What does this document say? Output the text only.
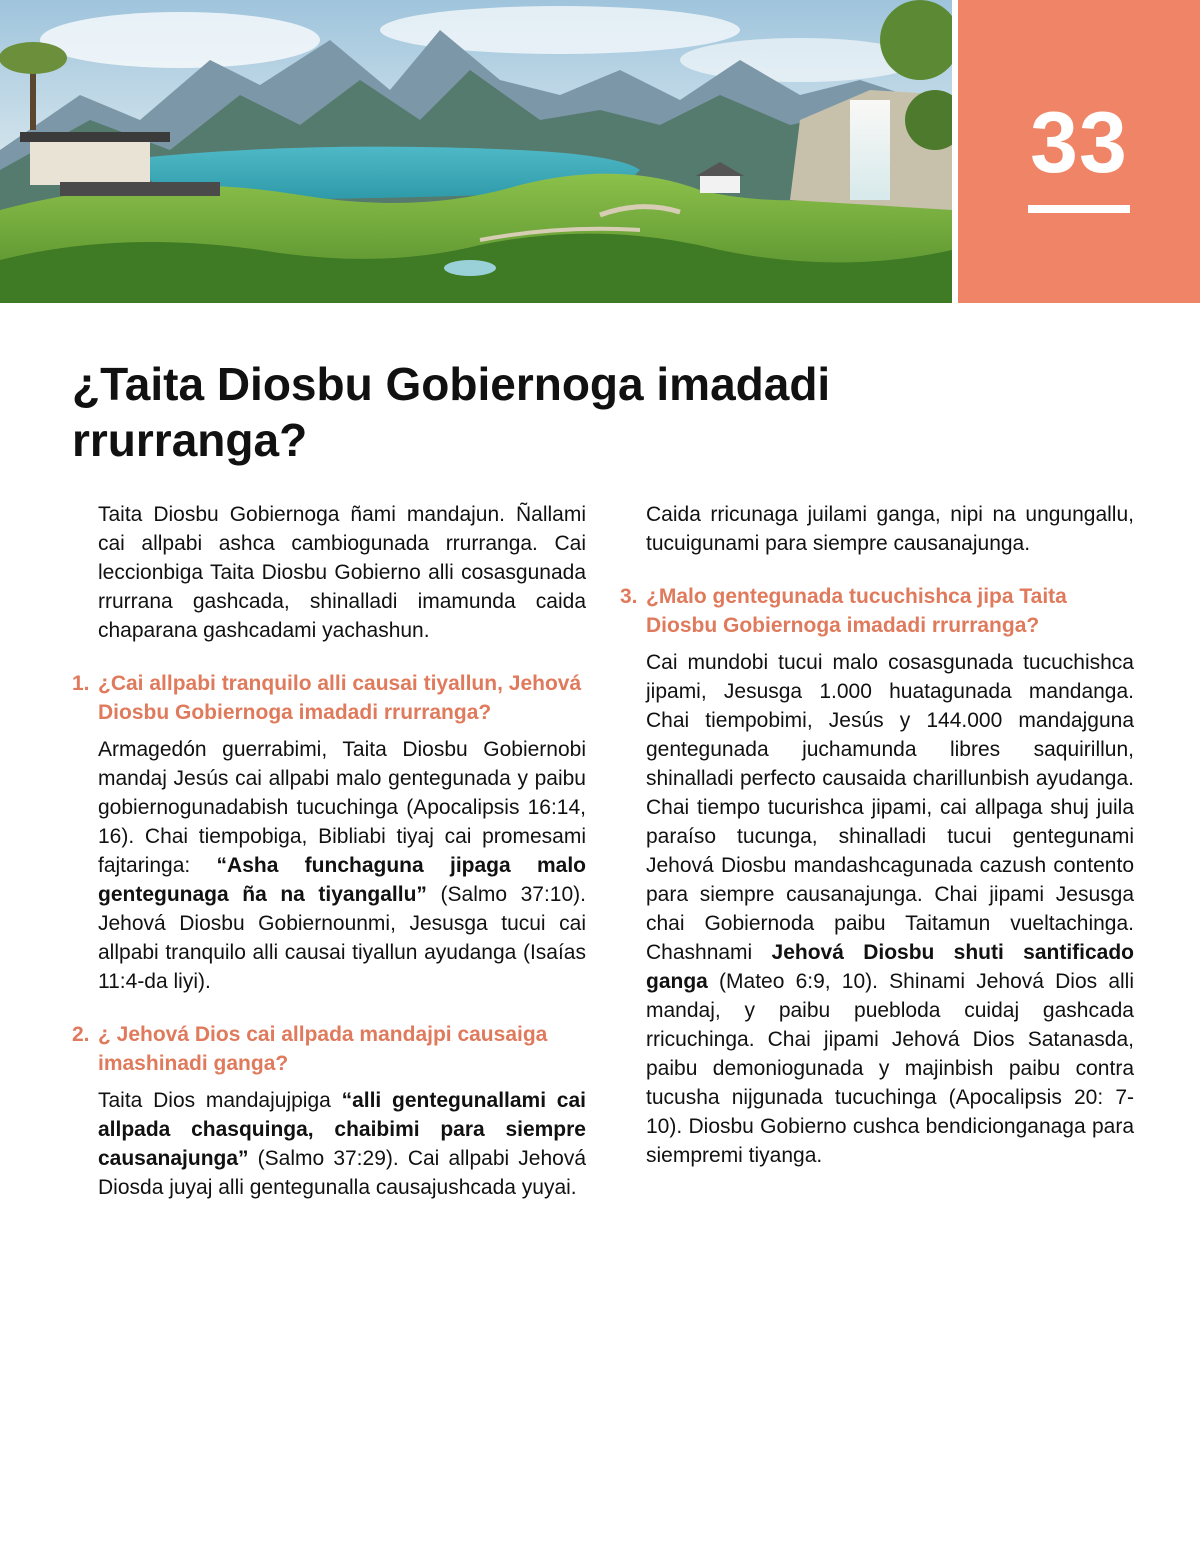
33
¿Taita Diosbu Gobiernoga imadadi rrurranga?

Taita Diosbu Gobiernoga ñami mandajun. Ñallami cai allpabi ashca cambiogunada rrurranga. Cai leccionbiga Taita Diosbu Gobierno alli cosasgunada rrurrana gashcada, shinalladi imamunda caida chaparana gashcadami yachashun.

1. ¿Cai allpabi tranquilo alli causai tiyallun, Jehová Diosbu Gobiernoga imadadi rrurranga?

Armagedón guerrabimi, Taita Diosbu Gobiernobi mandaj Jesús cai allpabi malo gentegunada y paibu gobiernogunadabish tucuchinga (Apocalipsis 16:14, 16). Chai tiempobiga, Bibliabi tiyaj cai promesami fajtaringa: “Asha funchaguna jipaga malo gentegunaga ña na tiyangallu” (Salmo 37:10). Jehová Diosbu Gobiernounmi, Jesusga tucui cai allpabi tranquilo alli causai tiyallun ayudanga (Isaías 11:4-da liyi).

2. ¿ Jehová Dios cai allpada mandajpi causaiga imashinadi ganga?

Taita Dios mandajujpiga “alli gentegunallami cai allpada chasquinga, chaibimi para siempre causanajunga” (Salmo 37:29). Cai allpabi Jehová Diosda juyaj alli gentegunalla causajushcada yuyai.

Caida rricunaga juilami ganga, nipi na ungungallu, tucuigunami para siempre causanajunga.

3. ¿Malo gentegunada tucuchishca jipa Taita Diosbu Gobiernoga imadadi rrurranga?

Cai mundobi tucui malo cosasgunada tucuchishca jipami, Jesusga 1.000 huatagunada mandanga. Chai tiempobimi, Jesús y 144.000 mandajguna gentegunada juchamunda libres saquirillun, shinalladi perfecto causaida charillunbish ayudanga. Chai tiempo tucurishca jipami, cai allpaga shuj juila paraíso tucunga, shinalladi tucui gentegunami Jehová Diosbu mandashcagunada cazush contento para siempre causanajunga. Chai jipami Jesusga chai Gobiernoda paibu Taitamun vueltachinga. Chashnami Jehová Diosbu shuti santificado ganga (Mateo 6:9, 10). Shinami Jehová Dios alli mandaj, y paibu puebloda cuidaj gashcada rricuchinga. Chai jipami Jehová Dios Satanasda, paibu demoniogunada y majinbish paibu contra tucusha nijgunada tucuchinga (Apocalipsis 20: 7-10). Diosbu Gobierno cushca bendicionganaga para siempremi tiyanga.
